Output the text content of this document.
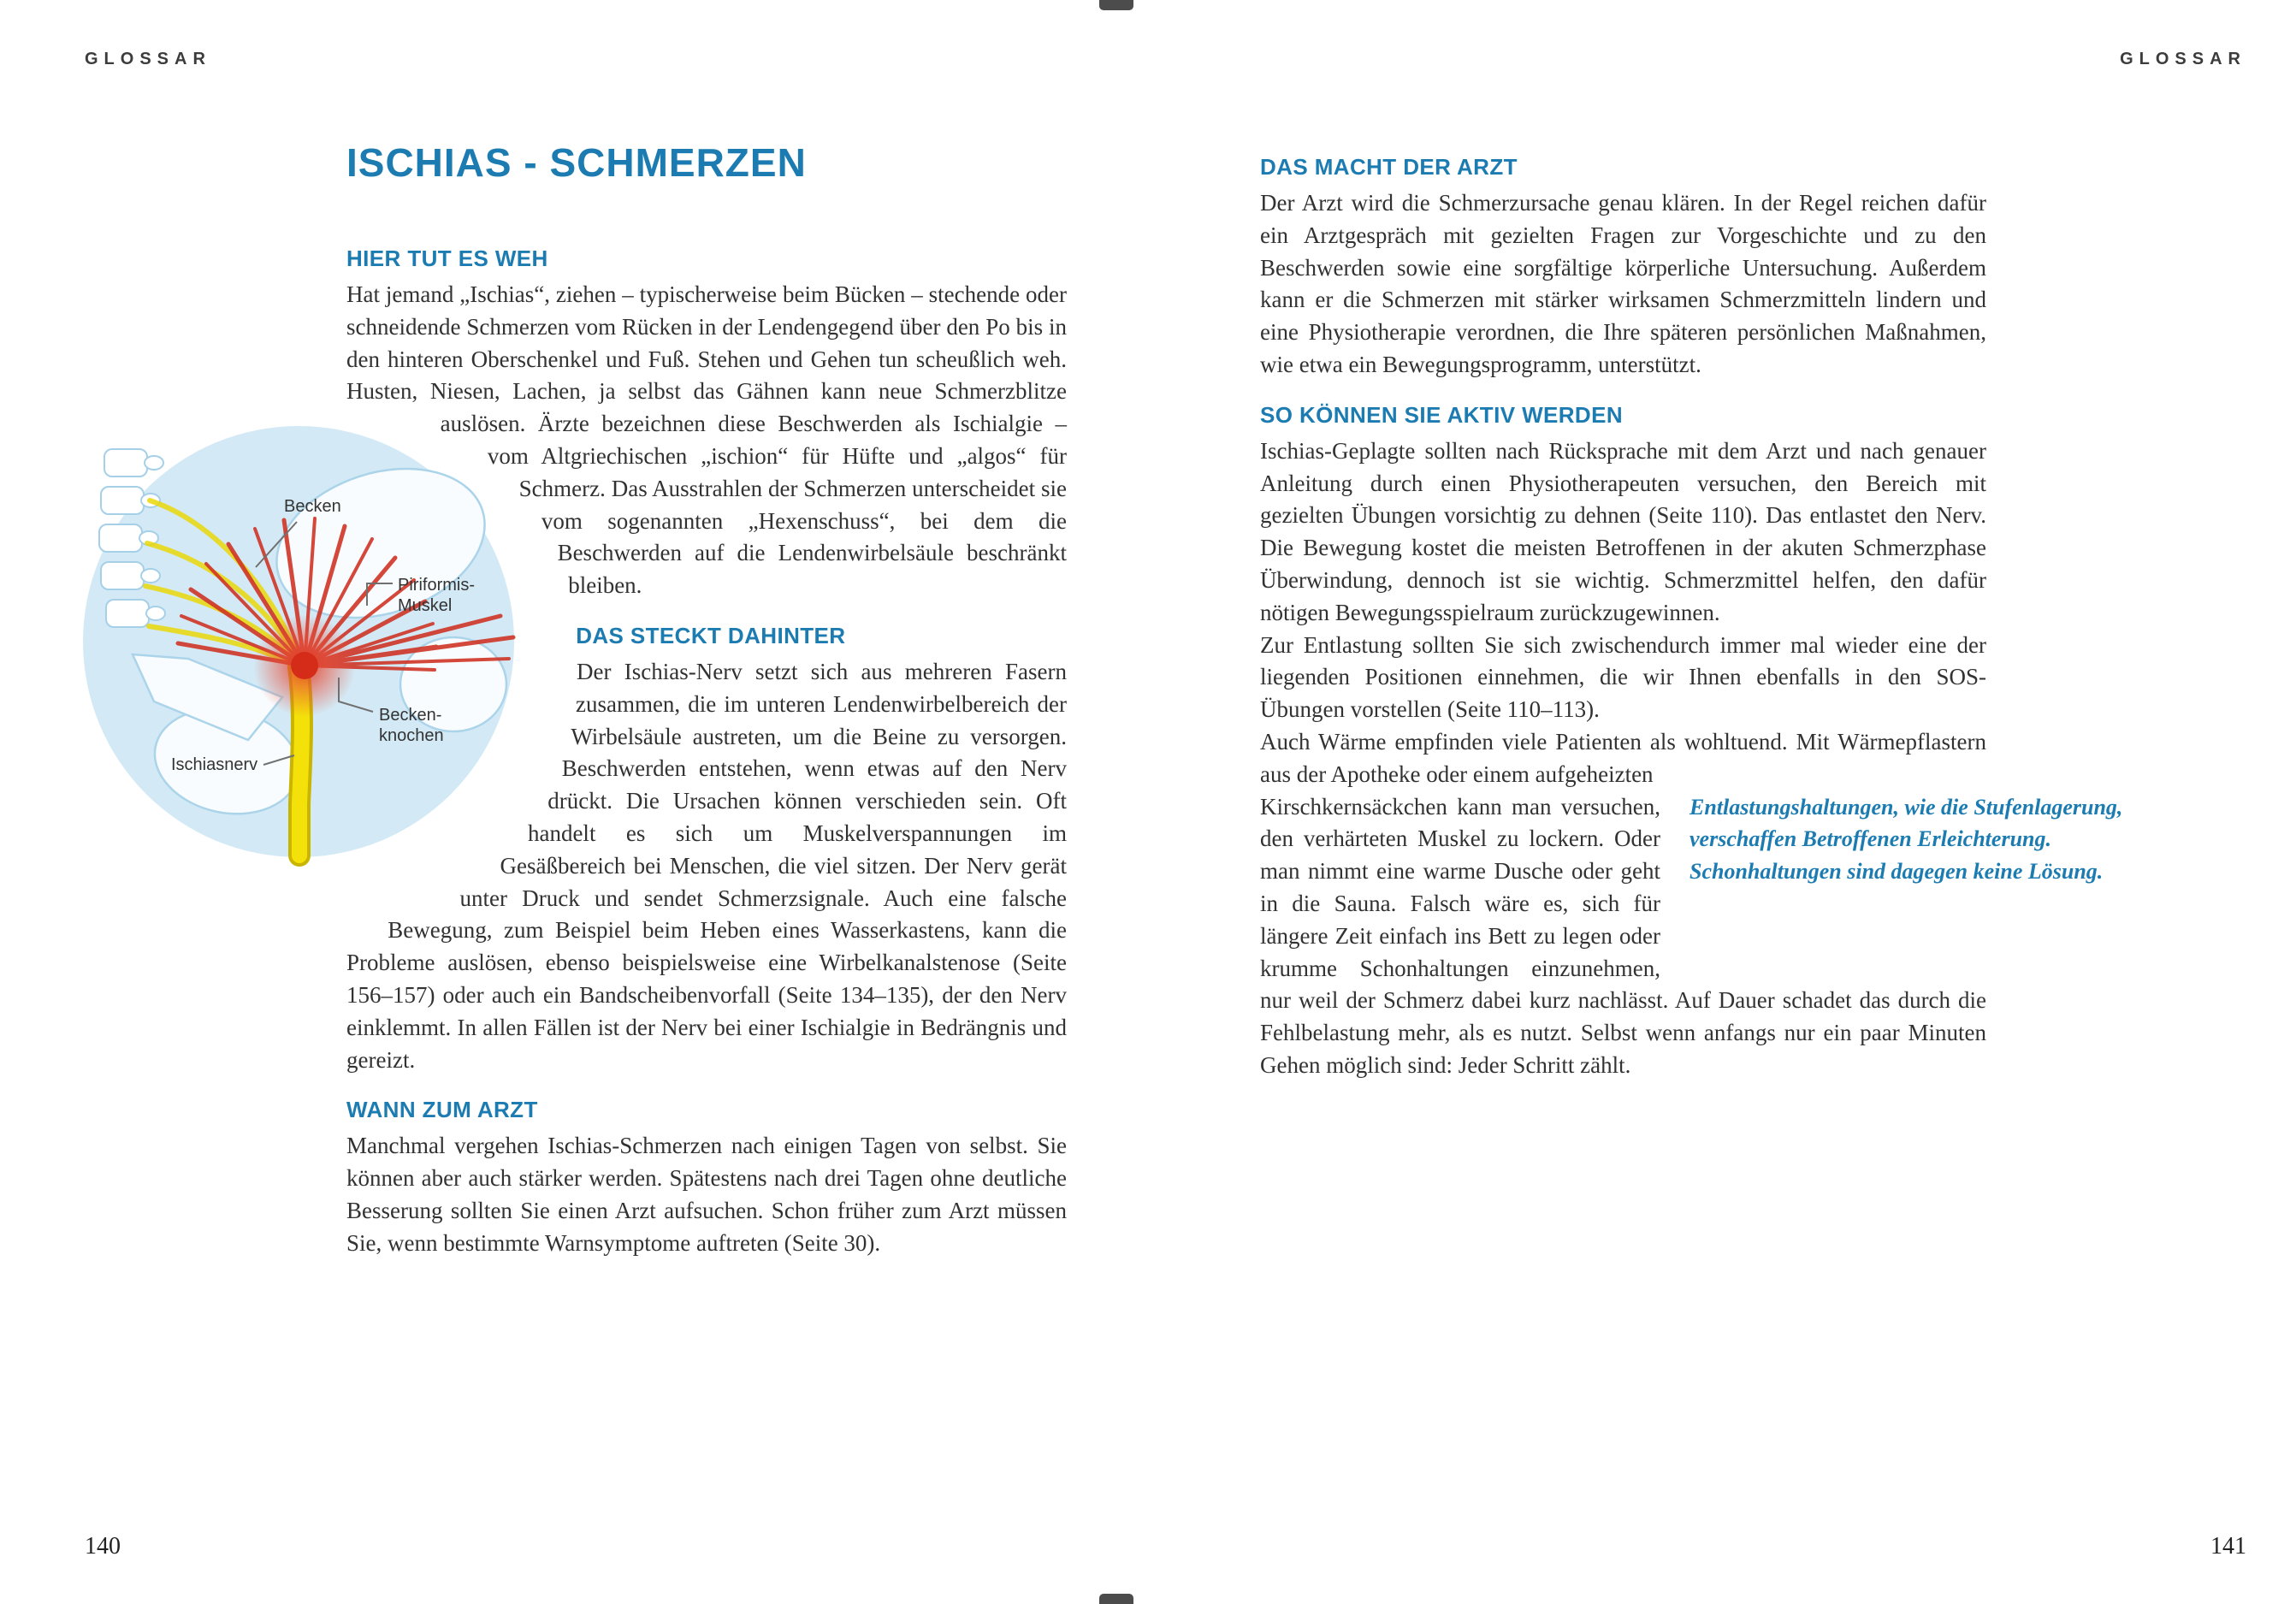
GLOSSAR	GLOSSAR
Becken
Piriformis-
Muskel
Becken-
knochen
Ischiasnerv
ISCHIAS - SCHMERZEN
HIER TUT ES WEH

Hat jemand „Ischias“, ziehen – typischerweise beim Bücken – stechende oder schneidende Schmerzen vom Rücken in der Lendengegend über den Po bis in den hinteren Oberschenkel und Fuß. Stehen und Gehen tun scheußlich weh. Husten, Niesen, Lachen, ja selbst das Gähnen kann neue Schmerzblitze auslösen. Ärzte bezeichnen diese Beschwerden als Ischialgie – vom Altgriechischen „ischion“ für Hüfte und „algos“ für Schmerz. Das Ausstrahlen der Schmerzen unterscheidet sie vom sogenannten „Hexenschuss“, bei dem die Beschwerden auf die Lendenwirbelsäule beschränkt bleiben.

DAS STECKT DAHINTER

Der Ischias-Nerv setzt sich aus mehreren Fasern zusammen, die im unteren Lendenwirbelbereich der Wirbelsäule austreten, um die Beine zu versorgen. Beschwerden entstehen, wenn etwas auf den Nerv drückt. Die Ursachen können verschieden sein. Oft handelt es sich um Muskelverspannungen im Gesäßbereich bei Menschen, die viel sitzen. Der Nerv gerät unter Druck und sendet Schmerzsignale. Auch eine falsche Bewegung, zum Beispiel beim Heben eines Wasserkastens, kann die Probleme auslösen, ebenso beispielsweise eine Wirbelkanalstenose (Seite 156–157) oder auch ein Bandscheibenvorfall (Seite 134–135), der den Nerv einklemmt. In allen Fällen ist der Nerv bei einer Ischialgie in Bedrängnis und gereizt.

WANN ZUM ARZT

Manchmal vergehen Ischias-Schmerzen nach einigen Tagen von selbst. Sie können aber auch stärker werden. Spätestens nach drei Tagen ohne deutliche Besserung sollten Sie einen Arzt aufsuchen. Schon früher zum Arzt müssen Sie, wenn bestimmte Warnsymptome auftreten (Seite 30).

DAS MACHT DER ARZT

Der Arzt wird die Schmerzursache genau klären. In der Regel reichen dafür ein Arztgespräch mit gezielten Fragen zur Vorgeschichte und zu den Beschwerden sowie eine sorgfältige körperliche Untersuchung. Außerdem kann er die Schmerzen mit stärker wirksamen Schmerzmitteln lindern und eine Physiotherapie verordnen, die Ihre späteren persönlichen Maßnahmen, wie etwa ein Bewegungsprogramm, unterstützt.

SO KÖNNEN SIE AKTIV WERDEN

Ischias-Geplagte sollten nach Rücksprache mit dem Arzt und nach genauer Anleitung durch einen Physiotherapeuten versuchen, den Bereich mit gezielten Übungen vorsichtig zu dehnen (Seite 110). Das entlastet den Nerv. Die Bewegung kostet die meisten Betroffenen in der akuten Schmerzphase Überwindung, dennoch ist sie wichtig. Schmerzmittel helfen, den dafür nötigen Bewegungsspielraum zurückzugewinnen.

Zur Entlastung sollten Sie sich zwischendurch immer mal wieder eine der liegenden Positionen einnehmen, die wir Ihnen ebenfalls in den SOS-Übungen vorstellen (Seite 110–113).

Auch Wärme empfinden viele Patienten als wohltuend. Mit Wärmepflastern aus der Apotheke oder einem aufgeheizten

Entlastungshaltungen, wie die Stufenlagerung,
verschaffen Betroffenen Erleichterung.
Schonhaltungen sind dagegen keine Lösung.
Kirschkernsäckchen kann man versuchen, den verhärteten Muskel zu lockern. Oder man nimmt eine warme Dusche oder geht in die Sauna. Falsch wäre es, sich für längere Zeit einfach ins Bett zu legen oder krumme Schonhaltungen einzunehmen, nur weil der Schmerz dabei kurz nachlässt. Auf Dauer schadet das durch die Fehlbelastung mehr, als es nutzt. Selbst wenn anfangs nur ein paar Minuten Gehen möglich sind: Jeder Schritt zählt.

140	141
